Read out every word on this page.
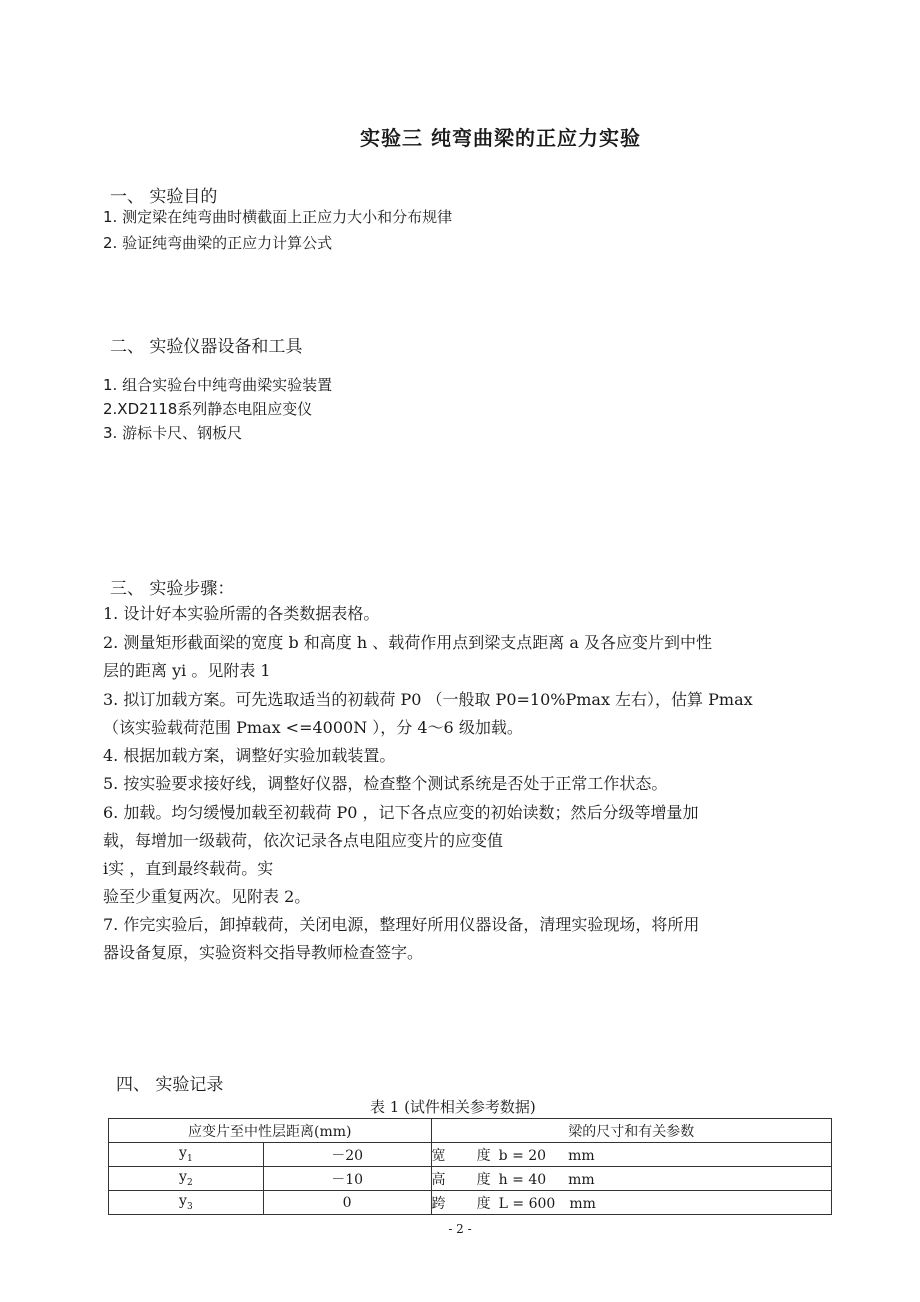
实验三 纯弯曲梁的正应力实验
一、 实验目的
1. 测定梁在纯弯曲时横截面上正应力大小和分布规律
2. 验证纯弯曲梁的正应力计算公式
二、 实验仪器设备和工具
1. 组合实验台中纯弯曲梁实验装置
2.XD2118系列静态电阻应变仪
3. 游标卡尺、钢板尺
三、 实验步骤：
1. 设计好本实验所需的各类数据表格。
2. 测量矩形截面梁的宽度 b 和高度 h 、载荷作用点到梁支点距离 a 及各应变片到中性
层的距离 yi 。见附表 1
3. 拟订加载方案。可先选取适当的初载荷 P0 （一般取 P0=10%Pmax 左右），估算 Pmax
（该实验载荷范围 Pmax <=4000N ），分 4～6 级加载。
4. 根据加载方案，调整好实验加载装置。
5. 按实验要求接好线，调整好仪器，检查整个测试系统是否处于正常工作状态。
6. 加载。均匀缓慢加载至初载荷 P0 ，记下各点应变的初始读数；然后分级等增量加
载，每增加一级载荷，依次记录各点电阻应变片的应变值
i实 ，直到最终载荷。实
验至少重复两次。见附表 2。
7. 作完实验后，卸掉载荷，关闭电源，整理好所用仪器设备，清理实验现场，将所用
器设备复原，实验资料交指导教师检查签字。
四、 实验记录
表 1 (试件相关参考数据)
应变片至中性层距离(mm)		梁的尺寸和有关参数
$y_1$	－20	宽       度 b = 20 mm
$y_2$	－10	高       度 h = 40 mm
$y_3$	0	跨       度 L = 600 mm
- 2 -
